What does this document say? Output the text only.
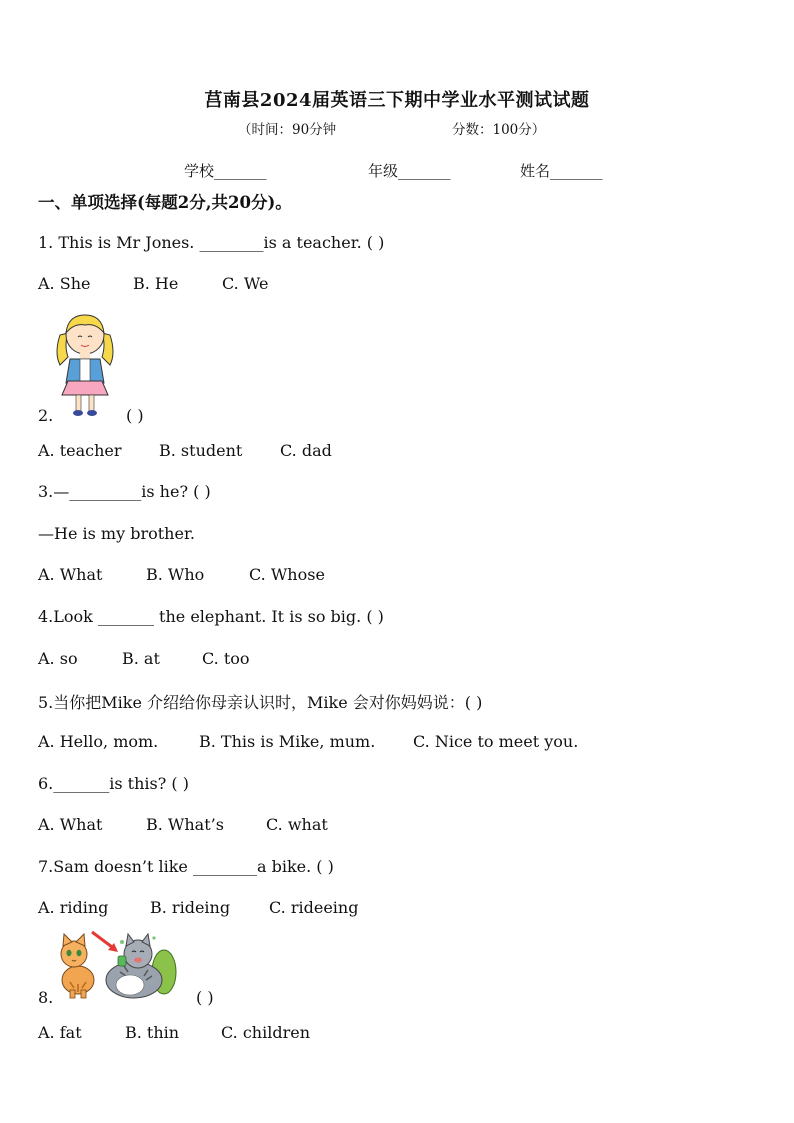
莒南县2024届英语三下期中学业水平测试试题
（时间：90分钟	分数：100分）
学校_______	年级_______	姓名_______
一、单项选择(每题2分,共20分)。
1. This is Mr Jones. ________is a teacher. ( )
A. She	B. He	C. We
2.	( )
A. teacher B. student C. dad
3.—_________is he? ( )
—He is my brother.
A. What	B. Who	C. Whose
4.Look _______ the elephant. It is so big. ( )
A. so	B. at	C. too
5.当你把Mike 介绍给你母亲认识时，Mike 会对你妈妈说：( )
A. Hello, mom.	B. This is Mike, mum. C. Nice to meet you.
6._______is this? ( )
A. What	B. What’s	C. what
7.Sam doesn’t like ________a bike. ( )
A. riding	B. rideing C. rideeing
8.	( )
A. fat	B. thin	C. children
